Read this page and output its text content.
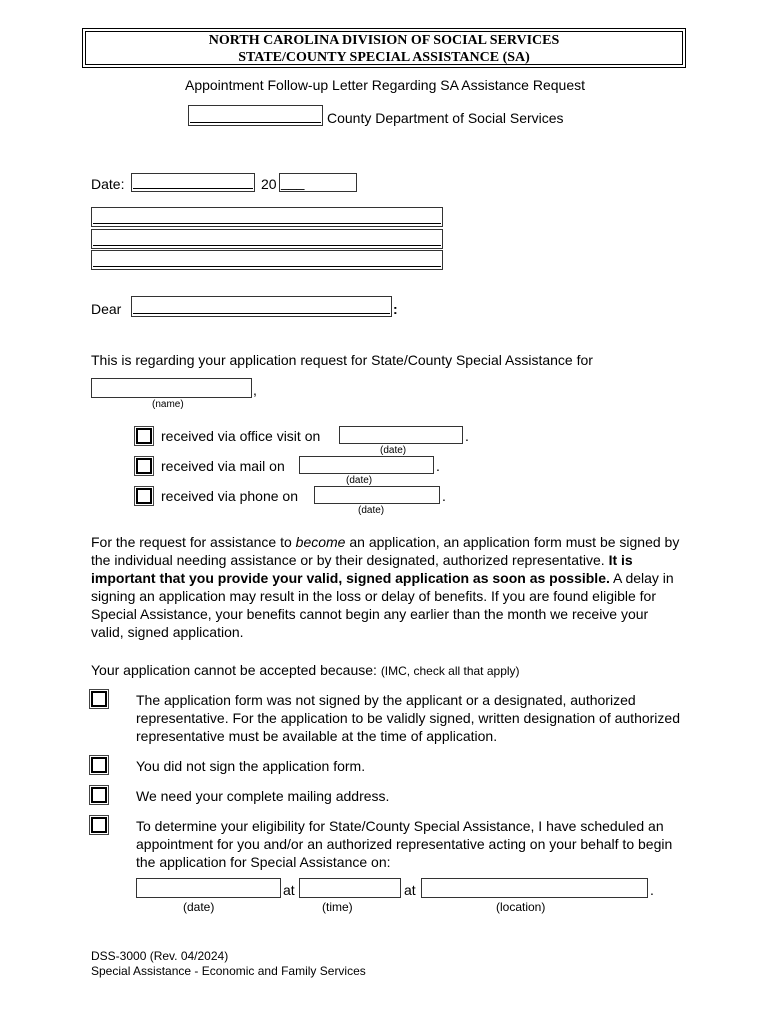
NORTH CAROLINA DIVISION OF SOCIAL SERVICES
STATE/COUNTY SPECIAL ASSISTANCE (SA)
Appointment Follow-up Letter Regarding SA Assistance Request
County Department of Social Services
Date:	20 ___
Dear	:
This is regarding your application request for State/County Special Assistance for
,
(name)
received via office visit on	.
(date)
received via mail on	.
(date)
received via phone on	.
(date)
For the request for assistance to become an application, an application form must be signed by the individual needing assistance or by their designated, authorized representative. It is important that you provide your valid, signed application as soon as possible. A delay in signing an application may result in the loss or delay of benefits. If you are found eligible for Special Assistance, your benefits cannot begin any earlier than the month we receive your valid, signed application.
Your application cannot be accepted because: (IMC, check all that apply)
The application form was not signed by the applicant or a designated, authorized representative. For the application to be validly signed, written designation of authorized representative must be available at the time of application.
You did not sign the application form.
We need your complete mailing address.
To determine your eligibility for State/County Special Assistance, I have scheduled an appointment for you and/or an authorized representative acting on your behalf to begin the application for Special Assistance on:
at	at	.
(date)	(time)	(location)
DSS-3000 (Rev. 04/2024)
Special Assistance - Economic and Family Services
